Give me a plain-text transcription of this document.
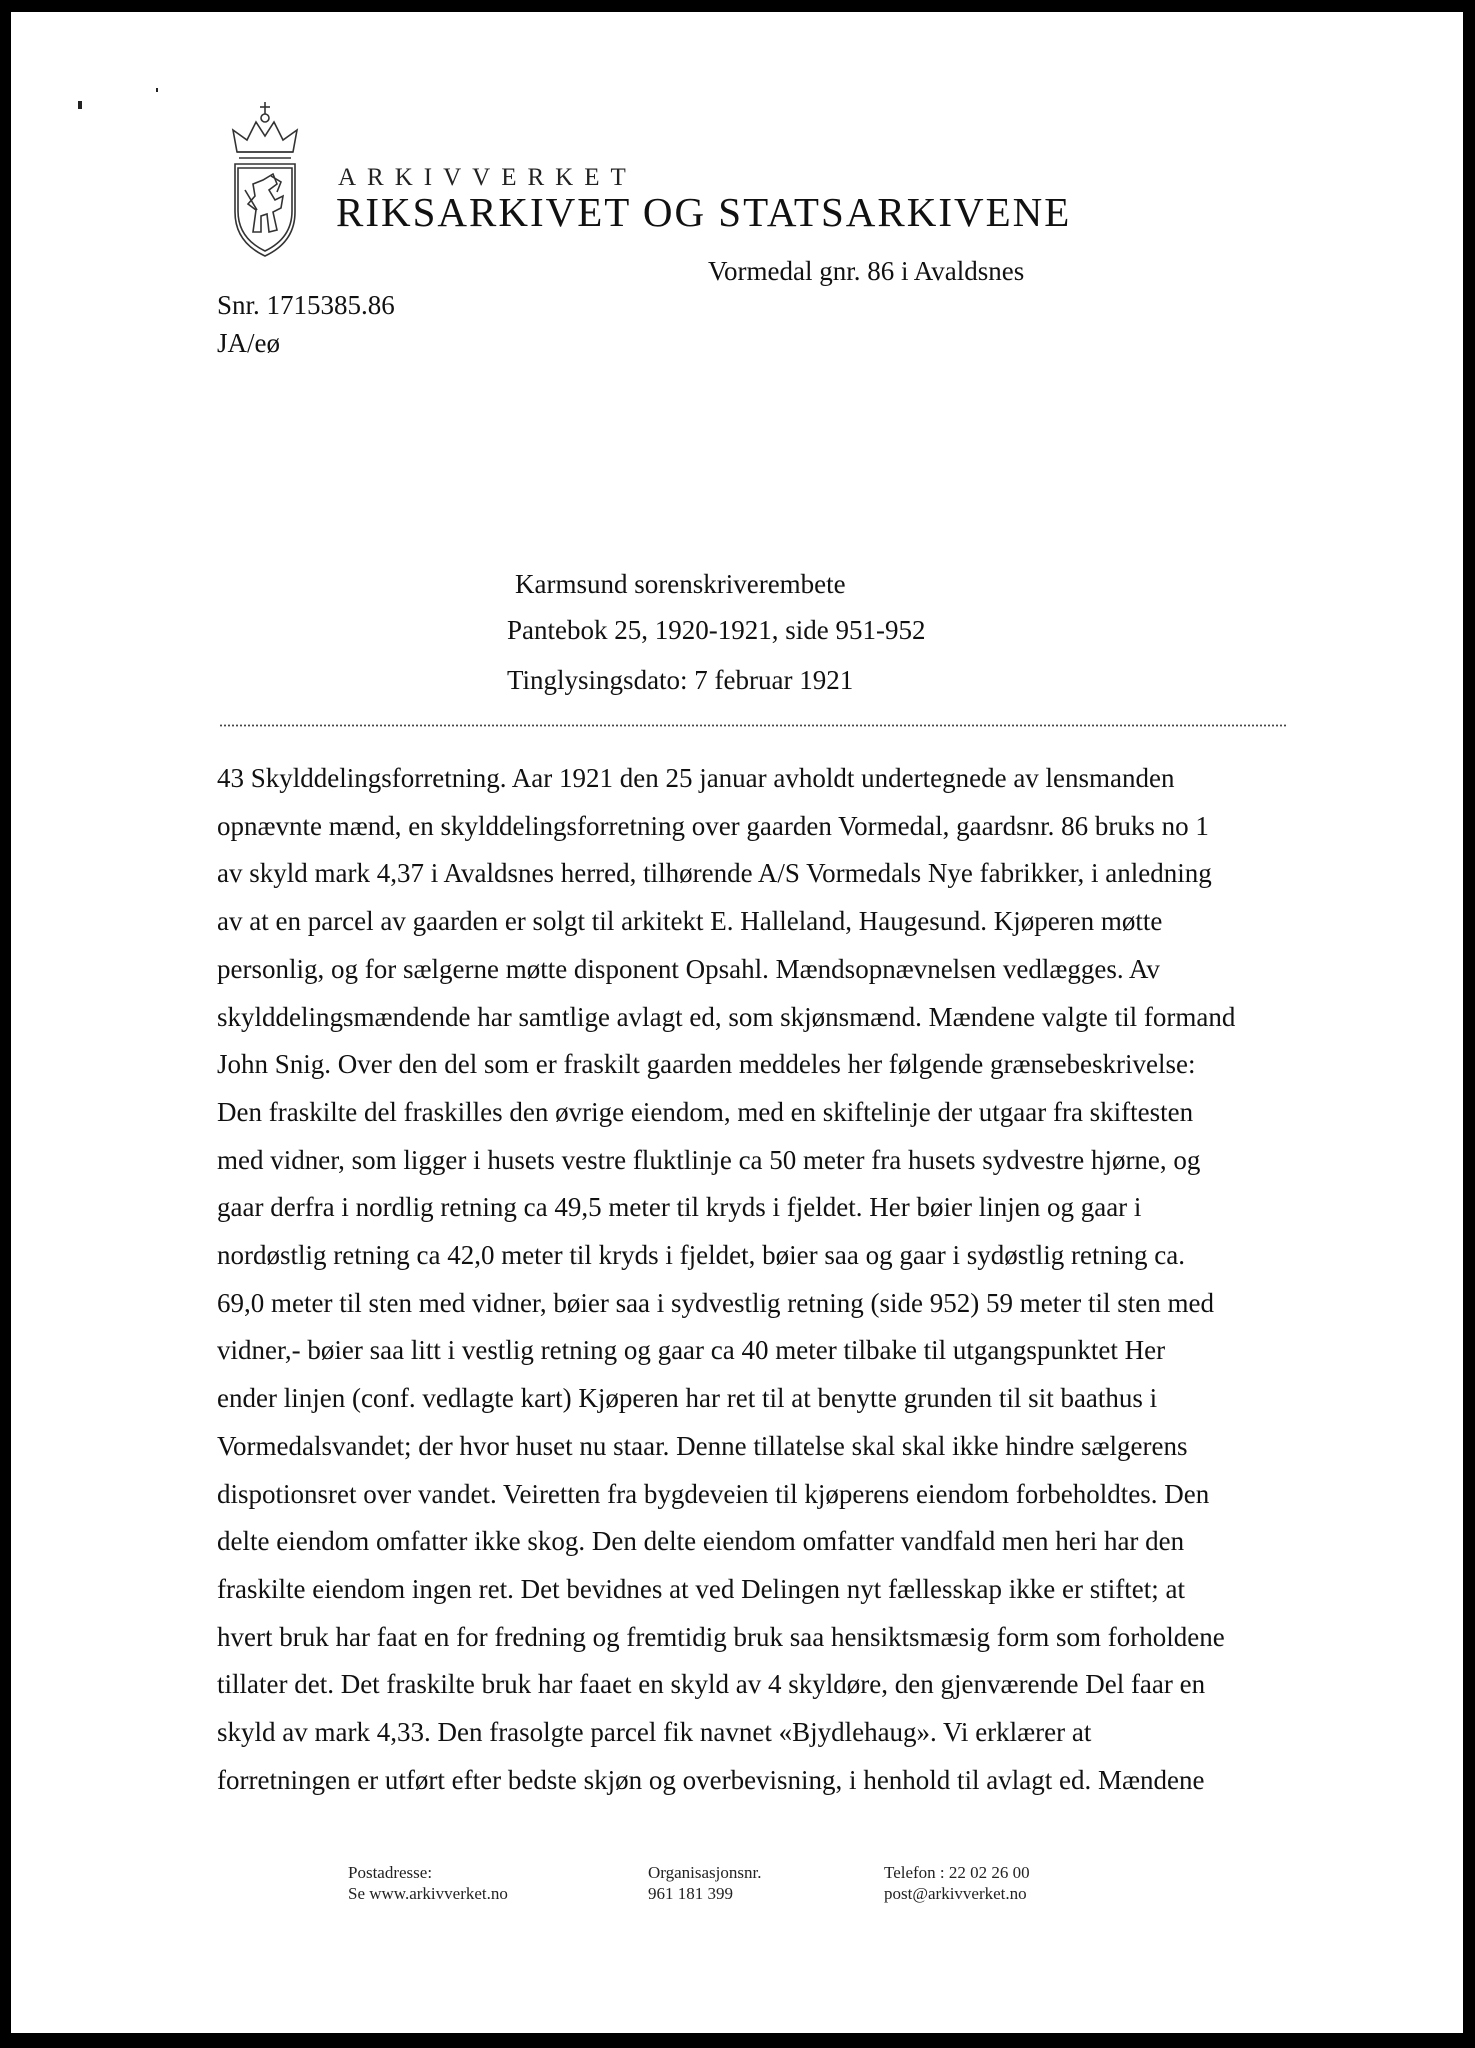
ARKIVVERKET
RIKSARKIVET OG STATSARKIVENE
Vormedal gnr. 86 i Avaldsnes
Snr. 1715385.86
JA/eø
Karmsund sorenskriverembete
Pantebok 25, 1920-1921, side 951-952
Tinglysingsdato: 7 februar 1921

43 Skylddelingsforretning. Aar 1921 den 25 januar avholdt undertegnede av lensmanden

opnævnte mænd, en skylddelingsforretning over gaarden Vormedal, gaardsnr. 86 bruks no 1

av skyld mark 4,37 i Avaldsnes herred, tilhørende A/S Vormedals Nye fabrikker, i anledning

av at en parcel av gaarden er solgt til arkitekt E. Halleland, Haugesund. Kjøperen møtte

personlig, og for sælgerne møtte disponent Opsahl. Mændsopnævnelsen vedlægges. Av

skylddelingsmændende har samtlige avlagt ed, som skjønsmænd. Mændene valgte til formand

John Snig. Over den del som er fraskilt gaarden meddeles her følgende grænsebeskrivelse:

Den fraskilte del fraskilles den øvrige eiendom, med en skiftelinje der utgaar fra skiftesten

med vidner, som ligger i husets vestre fluktlinje ca 50 meter fra husets sydvestre hjørne, og

gaar derfra i nordlig retning ca 49,5 meter til kryds i fjeldet. Her bøier linjen og gaar i

nordøstlig retning ca 42,0 meter til kryds i fjeldet, bøier saa og gaar i sydøstlig retning ca.

69,0 meter til sten med vidner, bøier saa i sydvestlig retning (side 952) 59 meter til sten med

vidner,- bøier saa litt i vestlig retning og gaar ca 40 meter tilbake til utgangspunktet Her

ender linjen (conf. vedlagte kart) Kjøperen har ret til at benytte grunden til sit baathus i

Vormedalsvandet; der hvor huset nu staar. Denne tillatelse skal skal ikke hindre sælgerens

dispotionsret over vandet. Veiretten fra bygdeveien til kjøperens eiendom forbeholdtes. Den

delte eiendom omfatter ikke skog. Den delte eiendom omfatter vandfald men heri har den

fraskilte eiendom ingen ret. Det bevidnes at ved Delingen nyt fællesskap ikke er stiftet; at

hvert bruk har faat en for fredning og fremtidig bruk saa hensiktsmæsig form som forholdene

tillater det. Det fraskilte bruk har faaet en skyld av 4 skyldøre, den gjenværende Del faar en

skyld av mark 4,33. Den frasolgte parcel fik navnet «Bjydlehaug». Vi erklærer at

forretningen er utført efter bedste skjøn og overbevisning, i henhold til avlagt ed. Mændene

Postadresse:
Se www.arkivverket.no
Organisasjonsnr.
961 181 399
Telefon : 22 02 26 00
post@arkivverket.no
